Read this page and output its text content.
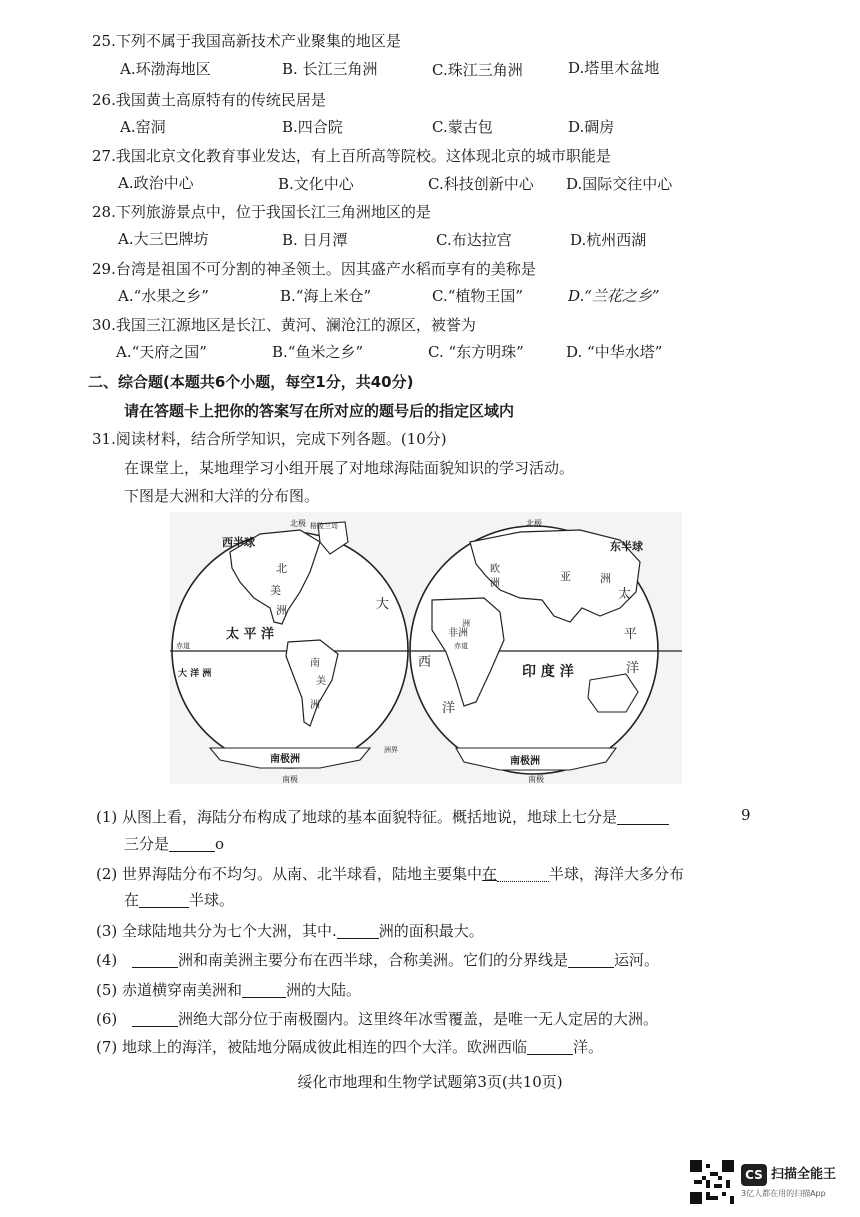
25.下列不属于我国高新技术产业聚集的地区是
A.环渤海地区	B. 长江三角洲	C.珠江三角洲	D.塔里木盆地
26.我国黄土高原特有的传统民居是
A.窑洞	B.四合院	C.蒙古包	D.碉房
27.我国北京文化教育事业发达，有上百所高等院校。这体现北京的城市职能是
A.政治中心	B.文化中心	C.科技创新中心 D.国际交往中心
28.下列旅游景点中，位于我国长江三角洲地区的是
A.大三巴牌坊	B. 日月潭	C.布达拉宫	D.杭州西湖
29.台湾是祖国不可分割的神圣领土。因其盛产水稻而享有的美称是
A.“水果之乡”	B.“海上米仓”	C.“植物王国”	D.“兰花之乡”
30.我国三江源地区是长江、黄河、澜沧江的源区，被誉为
A.“天府之国”	B.“鱼米之乡”	C. “东方明珠”	D. “中华水塔”
二、综合题(本题共6个小题，每空1分，共40分)
请在答题卡上把你的答案写在所对应的题号后的指定区域内
31.阅读材料，结合所学知识，完成下列各题。(10分)
在课堂上，某地理学习小组开展了对地球海陆面貌知识的学习活动。
下图是大洲和大洋的分布图。
西半球	东半球
北极 格陵兰岛	北极
南极	南极
南极洲	南极洲
赤道	赤道
洲界
北
美
洲
南
美
洲
欧
洲
亚	洲
非洲
洲
大 洋 洲
太 平 洋
大
西
洋
印 度 洋
太
平
洋
(1) 从图上看，海陆分布构成了地球的基本面貌特征。概括地说，地球上七分是	9
三分是	o
(2) 世界海陆分布不均匀。从南、北半球看，陆地主要集中在	半球，海洋大多分布
在	半球。
(3) 全球陆地共分为七个大洲，其中.	洲的面积最大。
(4)	洲和南美洲主要分布在西半球，合称美洲。它们的分界线是	运河。
(5) 赤道横穿南美洲和	洲的大陆。
(6)	洲绝大部分位于南极圈内。这里终年冰雪覆盖，是唯一无人定居的大洲。
(7) 地球上的海洋，被陆地分隔成彼此相连的四个大洋。欧洲西临	洋。
绥化市地理和生物学试题第3页(共10页)
CS 扫描全能王
3亿人都在用的扫描App
